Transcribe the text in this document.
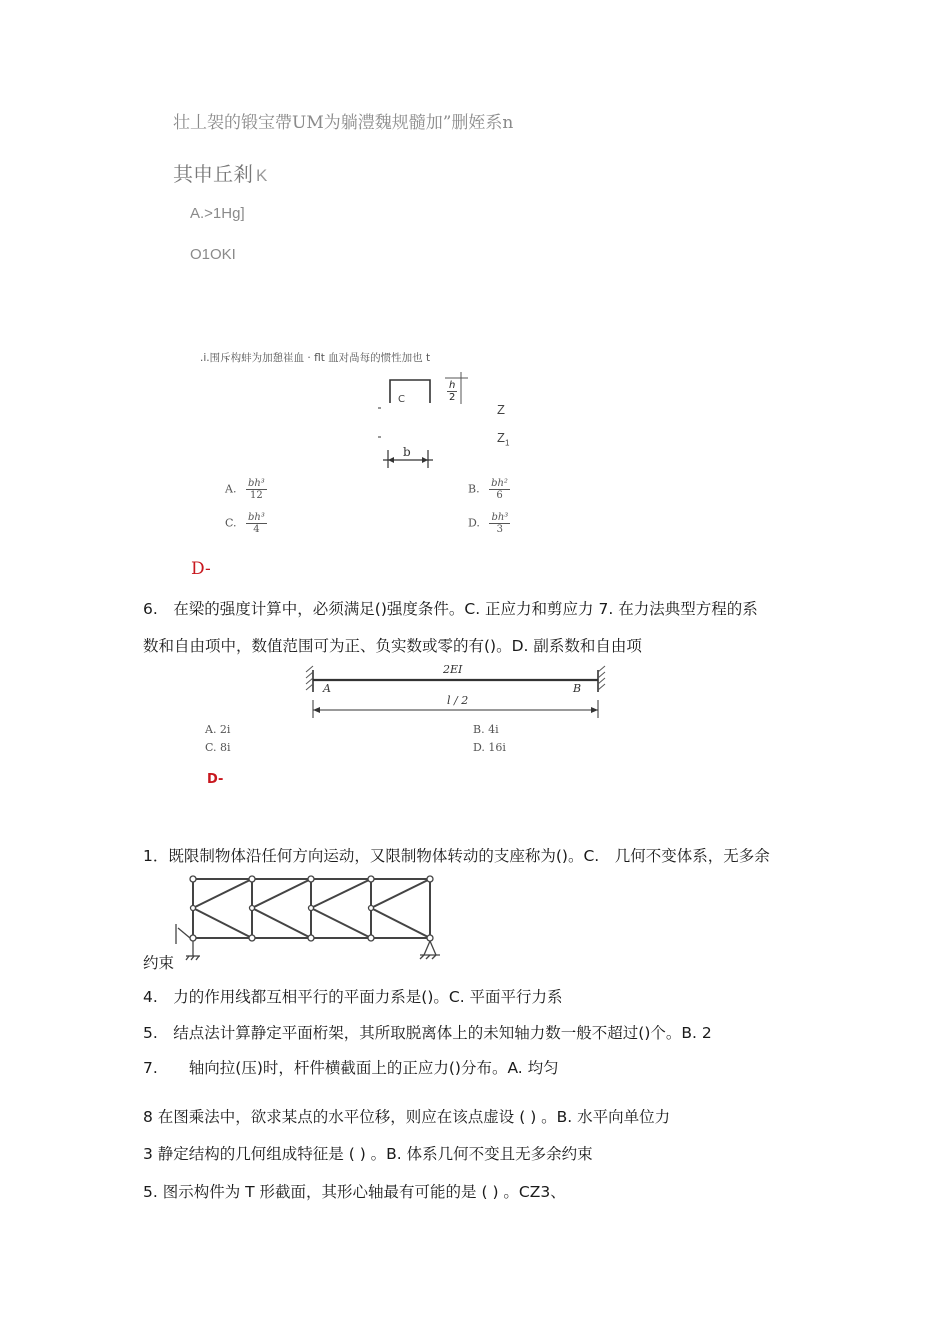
壮丄袈的锻宝帶UM为躺澧魏规髓加”删姪系n
其申丘剎 K
A.>1Hg]
O1OKI
.i.围斥构蚌为加憩崔血 · flt 血对咼每的惯性加也 t
C	$\frac{h}{2}$
Z
$Z_1$
b
A. $\frac{\text{bh³}}{12}$	B. $\frac{\text{bh²}}{6}$
C. $\frac{\text{bh³}}{4}$	D. $\frac{\text{bh³}}{3}$
D-
6.　在梁的强度计算中，必须满足()强度条件。C. 正应力和剪应力 7. 在力法典型方程的系
数和自由项中，数值范围可为正、负实数或零的有()。D. 副系数和自由项
2EI
A	B
l / 2
A. 2i	B. 4i
C. 8i	D. 16i
D-
1．既限制物体沿任何方向运动，又限制物体转动的支座称为()。C.　几何不变体系，无多余
约束
4.　力的作用线都互相平行的平面力系是()。C. 平面平行力系
5.　结点法计算静定平面桁架，其所取脱离体上的未知轴力数一般不超过()个。B. 2
7.　　轴向拉(压)时，杆件横截面上的正应力()分布。A. 均匀
8 在图乘法中，欲求某点的水平位移，则应在该点虚设 ( ) 。B. 水平向单位力
3 静定结构的几何组成特征是 ( ) 。B. 体系几何不变且无多余约束
5. 图示构件为 T 形截面，其形心轴最有可能的是 ( ) 。CZ3、
